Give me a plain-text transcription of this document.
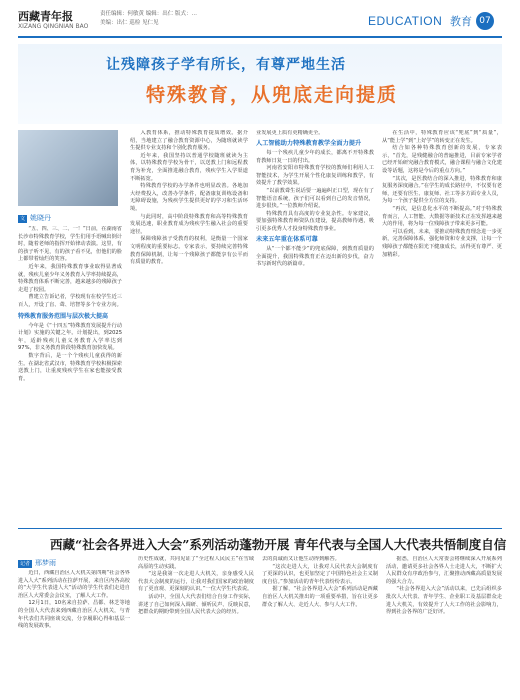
西藏青年报
XIZANG QINGNIAN BAO
责任编辑：何敏黄 编辑：出仁 版式：…
美编：出仁 巡检 见仁见	EDUCATION 教育 07
让残障孩子学有所长，有尊严地生活
特殊教育，从兜底走向提质
文 姚晓丹

“五、四、三、二、一！”日前，在湖南省长沙市特殊教育学校，学生们用手语喊出倒计时，随着老师的指挥开始律动表演。这里，有的孩子听不见，有的孩子看不见，但他们的脸上都带着灿烂的笑容。

近年来，我国特殊教育事业取得显著成就，残疾儿童少年义务教育入学率持续提高，特殊教育体系不断完善，越来越多的残障孩子走进了校园。

曹建立告诉记者，学校现有在校学生近三百人，开设了盲、聋、培智等多个专业方向。

特殊教育服务范围与层次极大提高

今年是《“十四五”特殊教育发展提升行动计划》实施的关键之年。计划提出，到2025年，适龄残疾儿童义务教育入学率达到97%，非义务教育阶段特殊教育加快发展。

数字背后，是一个个残疾儿童获得的新生。在湖北省武汉市，特殊教育学校积极探索送教上门，让重度残疾学生在家也能接受教育。

入教育体系，推动特殊教育提质增效。据介绍，当地建立了融合教育资源中心，为随班就读学生提供专业支持和个别化教育服务。

近年来，我国坚持以普通学校随班就读为主体，以特殊教育学校为骨干，以送教上门和远程教育为补充，全面推进融合教育，残疾学生入学渠道不断拓宽。

特殊教育学校的办学条件也明显改善。各地加大经费投入，改善办学条件，配备康复训练设备和无障碍设施，为残疾学生提供更好的学习和生活环境。

与此同时，高中阶段特殊教育和高等特殊教育发展迅速，职业教育成为残疾学生融入社会的重要途径。

保障残障孩子受教育的权利，是衡量一个国家文明程度的重要标志。专家表示，要持续完善特殊教育保障机制，让每一个残障孩子都能享有公平而有质量的教育。

业发展更上质有更精确更全。

人工智能助力特殊教育教学全面力提升

每一个残疾儿童少年的成长，都离不开特殊教育教师日复一日的付出。

河南省安阳市特殊教育学校的教师们利用人工智能技术，为学生开展个性化康复训练和教学，有效提升了教学效果。

“以前教聋生说话要一遍遍纠正口型，现在有了智能语音系统，孩子们可以看到自己的发音情况，进步很快。”一位教师介绍说。

特殊教育具有高度的专业复杂性。专家建议，要加强特殊教育师资队伍建设，提高教师待遇，吸引更多优秀人才投身特殊教育事业。

未来五年重在体系可靠

从“一个都不能少”的兜底保障，到教育质量的全面提升，我国特殊教育正在迈出新的步伐，奋力书写新时代的新篇章。

在生活中，特殊教育应该“兜底”到“质量”，从“能上学”到“上好学”的转变正在发生。

结合如各种特殊教育创新的发展，专家表示，“首先，是残健融合的普遍推进，目前专家学者已经开始研究融合教育模式，融合课程与融合文化建设等话题，这将是今后的重点方向。”

“其次，是医教结合的深入推进，特殊教育和康复服务深度融合。”在学生的成长路径中，不仅要有老师，还要有医生、康复师、社工等多方面专业人员，为每一个孩子提供全方位的支持。

“再次，是信息化水平的不断提高。”对于特殊教育而言，人工智能、大数据等新技术正在发挥越来越大的作用，将为每一位残障孩子带来更多可能。

可以看到，未来，要推动特殊教育理念进一步更新，完善保障体系，强化师资和专业支撑，让每一个残障孩子都能在阳光下健康成长，活得更有尊严、更加精彩。

西藏“社会各界进入大会”系列活动蓬勃开展 青年代表与全国人大代表共悟制度自信
记者 邢梦雨

近日，西藏自治区人大机关第四期“社会各界进入人大”系列活动在拉萨开展，来自区内各高校的“大学生代表进人大”活动的学生代表们走进自治区人大常委会会议室，了解人大工作。

12月1日，10名来自拉萨、昌都、林芝等地的全国人大代表来到西藏自治区人大机关，与青年代表们共同座谈交流，分享履职心得和基层一线的发展故事。

历史性成就，共同见证了“全过程人民民主”在雪域高原的生动实践。

“这是我第一次走进人大机关，亲身感受人民代表大会制度的运行，让我对我们国家的政治制度有了更直观、更深刻的认识。”一位大学生代表说。

活动中，全国人大代表们结合自身工作实际，讲述了自己如何深入调研、倾听民声、反映民意，把群众的期盼带到全国人民代表大会的经历。

去的真诚而又让他生动得到解答。

“这次走进人大，让我对人民代表大会制度有了更深的认识，也更加坚定了中国特色社会主义制度自信。”参加活动的青年代表纷纷表示。

据了解，“社会各界进入大会”系列活动是西藏自治区人大机关推出的一项重要举措，旨在让更多群众了解人大、走近人大、参与人大工作。

据悉，自治区人大常委会将继续深入开展系列活动，邀请更多社会各界人士走进人大，不断扩大人民群众有序政治参与，汇聚推动西藏高质量发展的强大合力。

“社会各界进入大会”活动以来，已先后组织多批次人大代表、青年学生、企业职工及基层群众走进人大机关，有效提升了人大工作的社会影响力，得到社会各界的广泛好评。
